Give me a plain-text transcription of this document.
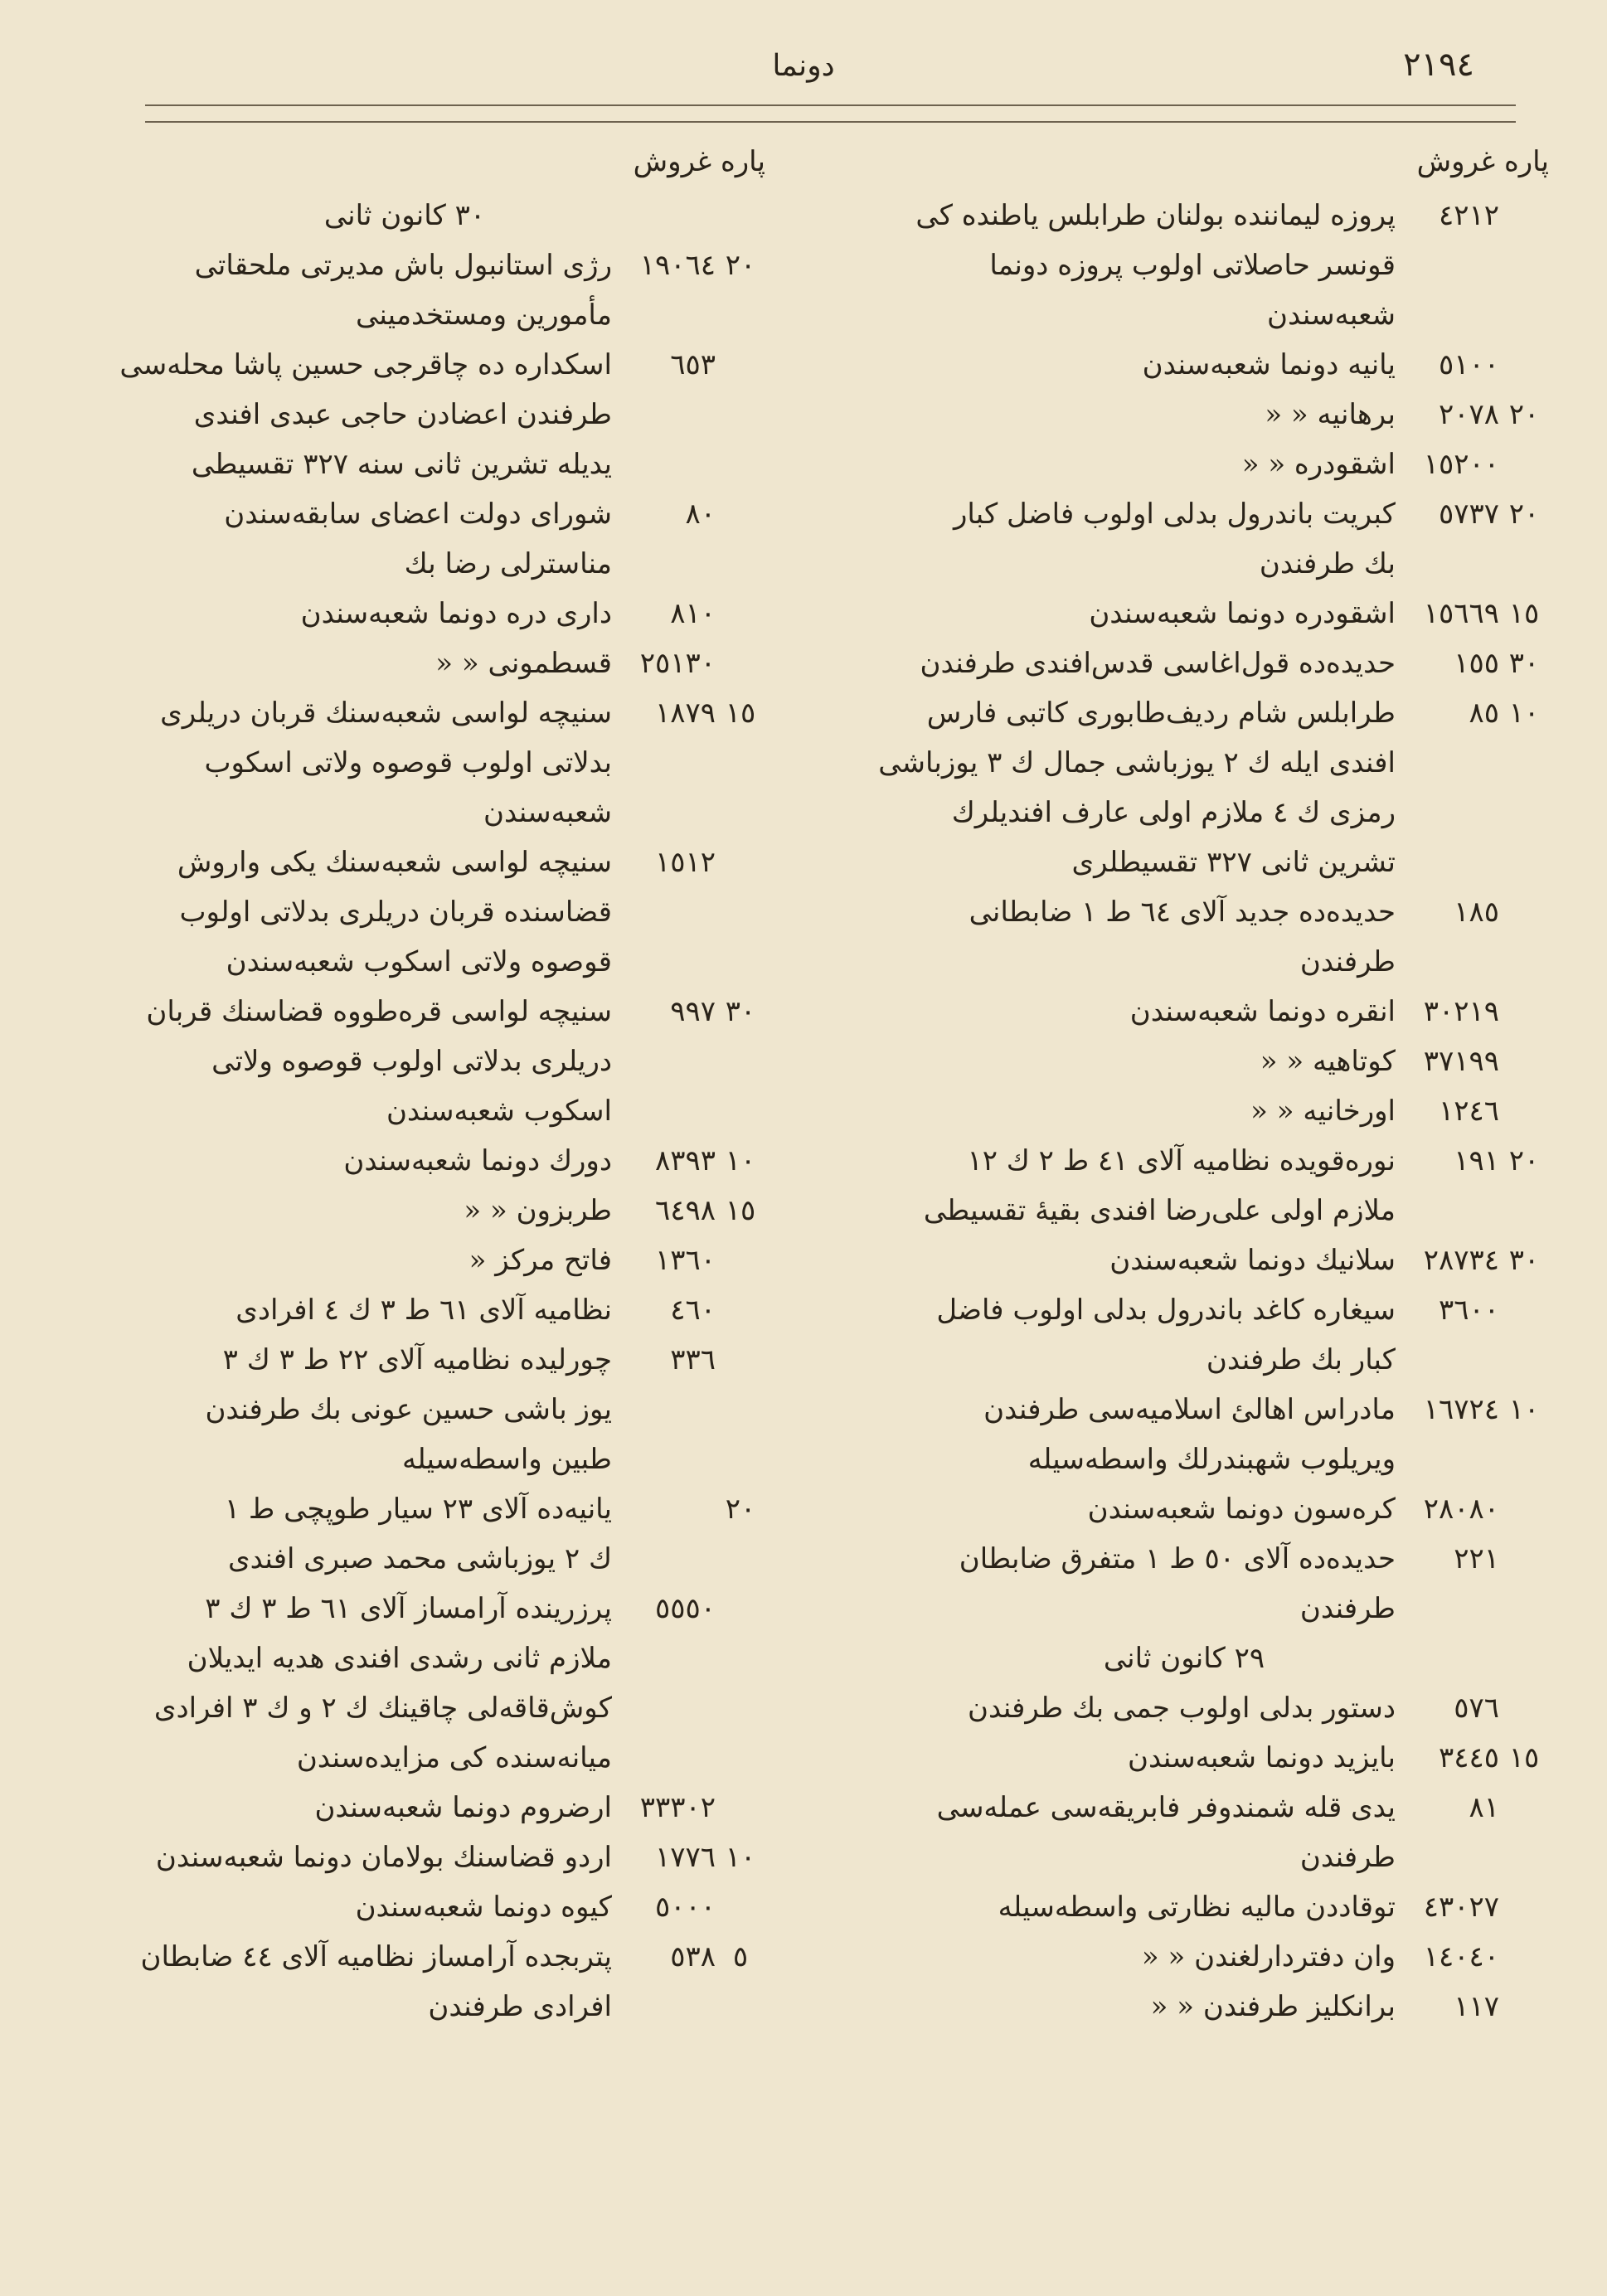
٢١٩٤
دونما
پاره غروش
٤٢١٢
پروزه ليماننده بولنان طرابلس ياطنده كى
قونسر حاصلاتى اولوب پروزه دونما
شعبه‌سندن
٥١٠٠
يانيه دونما شعبه‌سندن
٢٠
٢٠٧٨
برهانيه « «
١٥٢٠٠
اشقودره « «
٢٠
٥٧٣٧
كبريت باندرول بدلى اولوب فاضل كبار
بك طرفندن
١٥
١٥٦٦٩
اشقودره دونما شعبه‌سندن
٣٠
١٥٥
حديده‌ده قول‌اغاسى قدس‌افندى طرفندن
١٠
٨٥
طرابلس شام رديف‌طابورى كاتبى فارس
افندى ايله ك ٢ يوزباشى جمال ك ٣ يوزباشى
رمزى ك ٤ ملازم اولى عارف افنديلرك
تشرين ثانى ٣٢٧ تقسيطلرى
١٨٥
حديده‌ده جديد آلاى ٦٤ ط ١ ضابطانى
طرفندن
٣٠٢١٩
انقره دونما شعبه‌سندن
٣٧١٩٩
كوتاهيه « «
١٢٤٦
اورخانيه « «
٢٠
١٩١
نوره‌قويده نظاميه آلاى ٤١ ط ٢ ك ١٢
ملازم اولى على‌رضا افندى بقيهٔ تقسيطى
٣٠
٢٨٧٣٤
سلانيك دونما شعبه‌سندن
٣٦٠٠
سيغاره كاغد باندرول بدلى اولوب فاضل
كبار بك طرفندن
١٠
١٦٧٢٤
مادراس اهالئ اسلاميه‌سى طرفندن
ويريلوب شهبندرلك واسطه‌سيله
٢٨٠٨٠
كره‌سون دونما شعبه‌سندن
٢٢١
حديده‌ده آلاى ٥٠ ط ١ متفرق ضابطان
طرفندن
٢٩ كانون ثانى
٥٧٦
دستور بدلى اولوب جمى بك طرفندن
١٥
٣٤٤٥
بايزيد دونما شعبه‌سندن
٨١
يدى قله شمندوفر فابريقه‌سى عمله‌سى
طرفندن
٤٣٠٢٧
توقاددن ماليه نظارتى واسطه‌سيله
١٤٠٤٠
وان دفتردارلغندن « «
١١٧
برانكليز طرفندن « «
پاره غروش
٣٠ كانون ثانى
٢٠
١٩٠٦٤
رژى استانبول باش مديرتى ملحقاتى
مأمورين ومستخدمينى
٦٥٣
اسكداره ده چاقرجى حسين پاشا محله‌سى
طرفندن اعضادن حاجى عبدى افندى
يديله تشرين ثانى سنه ٣٢٧ تقسيطى
٨٠
شوراى دولت اعضاى سابقه‌سندن
مناسترلى رضا بك
٨١٠
دارى دره دونما شعبه‌سندن
٢٥١٣٠
قسطمونى « «
١٥
١٨٧٩
سنيچه لواسى شعبه‌سنك قربان دريلرى
بدلاتى اولوب قوصوه ولاتى اسكوب
شعبه‌سندن
١٥١٢
سنيچه لواسى شعبه‌سنك يكى واروش
قضاسنده قربان دريلرى بدلاتى اولوب
قوصوه ولاتى اسكوب شعبه‌سندن
٣٠
٩٩٧
سنيچه لواسى قره‌طووه قضاسنك قربان
دريلرى بدلاتى اولوب قوصوه ولاتى
اسكوب شعبه‌سندن
١٠
٨٣٩٣
دورك دونما شعبه‌سندن
١٥
٦٤٩٨
طربزون « «
١٣٦٠
فاتح مركز «
٤٦٠
نظاميه آلاى ٦١ ط ٣ ك ٤ افرادى
٣٣٦
چورليده نظاميه آلاى ٢٢ ط ٣ ك ٣
يوز باشى حسين عونى بك طرفندن
طبين واسطه‌سيله
٢٠
يانيه‌ده آلاى ٢٣ سيار طوپچى ط ١
ك ٢ يوزباشى محمد صبرى افندى
٥٥٥٠
پرزرينده آرامساز آلاى ٦١ ط ٣ ك ٣
ملازم ثانى رشدى افندى هديه ايديلان
كوش‌قاقه‌لى چاقينك ك ٢ و ك ٣ افرادى
ميانه‌سنده كى مزايده‌سندن
٣٣٣٠٢
ارضروم دونما شعبه‌سندن
١٠
١٧٧٦
اردو قضاسنك بولامان دونما شعبه‌سندن
٥٠٠٠
كيوه دونما شعبه‌سندن
٥
٥٣٨
پتربجده آرامساز نظاميه آلاى ٤٤ ضابطان
افرادى طرفندن
